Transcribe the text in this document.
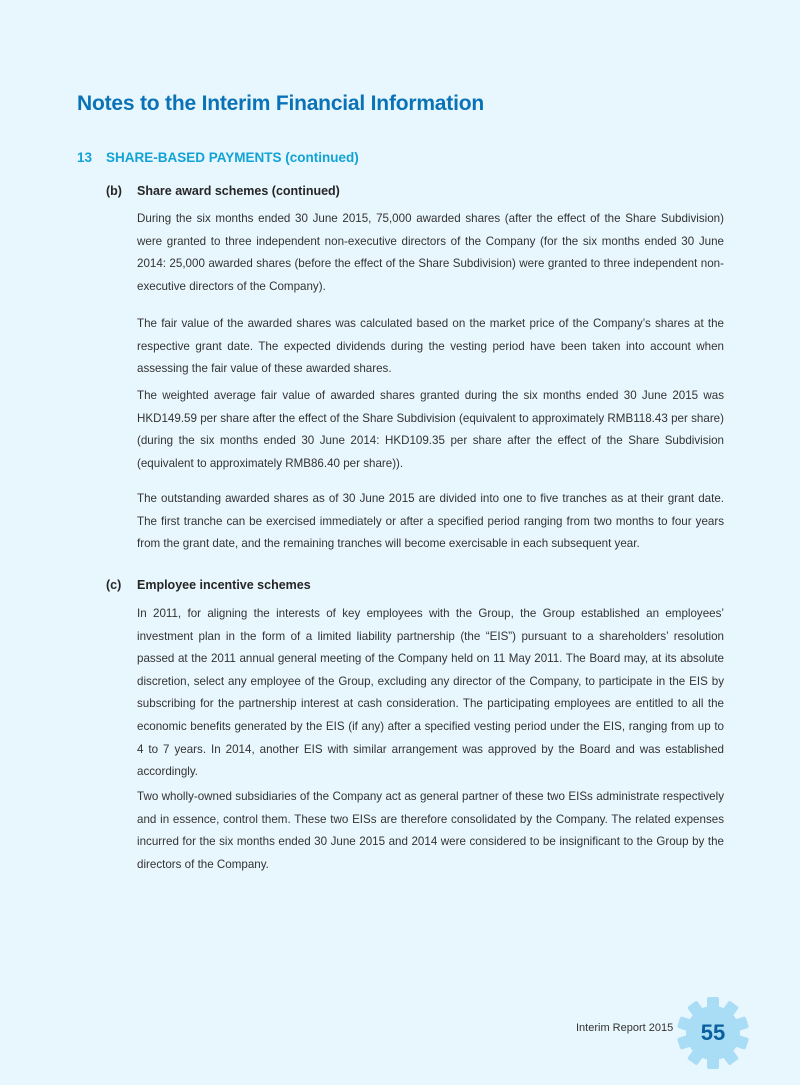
Notes to the Interim Financial Information
13 SHARE-BASED PAYMENTS (continued)
(b) Share award schemes (continued)

During the six months ended 30 June 2015, 75,000 awarded shares (after the effect of the Share Subdivision) were granted to three independent non-executive directors of the Company (for the six months ended 30 June 2014: 25,000 awarded shares (before the effect of the Share Subdivision) were granted to three independent non-executive directors of the Company).

The fair value of the awarded shares was calculated based on the market price of the Company’s shares at the respective grant date. The expected dividends during the vesting period have been taken into account when assessing the fair value of these awarded shares.

The weighted average fair value of awarded shares granted during the six months ended 30 June 2015 was HKD149.59 per share after the effect of the Share Subdivision (equivalent to approximately RMB118.43 per share) (during the six months ended 30 June 2014: HKD109.35 per share after the effect of the Share Subdivision (equivalent to approximately RMB86.40 per share)).

The outstanding awarded shares as of 30 June 2015 are divided into one to five tranches as at their grant date. The first tranche can be exercised immediately or after a specified period ranging from two months to four years from the grant date, and the remaining tranches will become exercisable in each subsequent year.

(c) Employee incentive schemes

In 2011, for aligning the interests of key employees with the Group, the Group established an employees’ investment plan in the form of a limited liability partnership (the “EIS”) pursuant to a shareholders’ resolution passed at the 2011 annual general meeting of the Company held on 11 May 2011. The Board may, at its absolute discretion, select any employee of the Group, excluding any director of the Company, to participate in the EIS by subscribing for the partnership interest at cash consideration. The participating employees are entitled to all the economic benefits generated by the EIS (if any) after a specified vesting period under the EIS, ranging from up to 4 to 7 years. In 2014, another EIS with similar arrangement was approved by the Board and was established accordingly.

Two wholly-owned subsidiaries of the Company act as general partner of these two EISs administrate respectively and in essence, control them. These two EISs are therefore consolidated by the Company. The related expenses incurred for the six months ended 30 June 2015 and 2014 were considered to be insignificant to the Group by the directors of the Company.

Interim Report 2015	55
